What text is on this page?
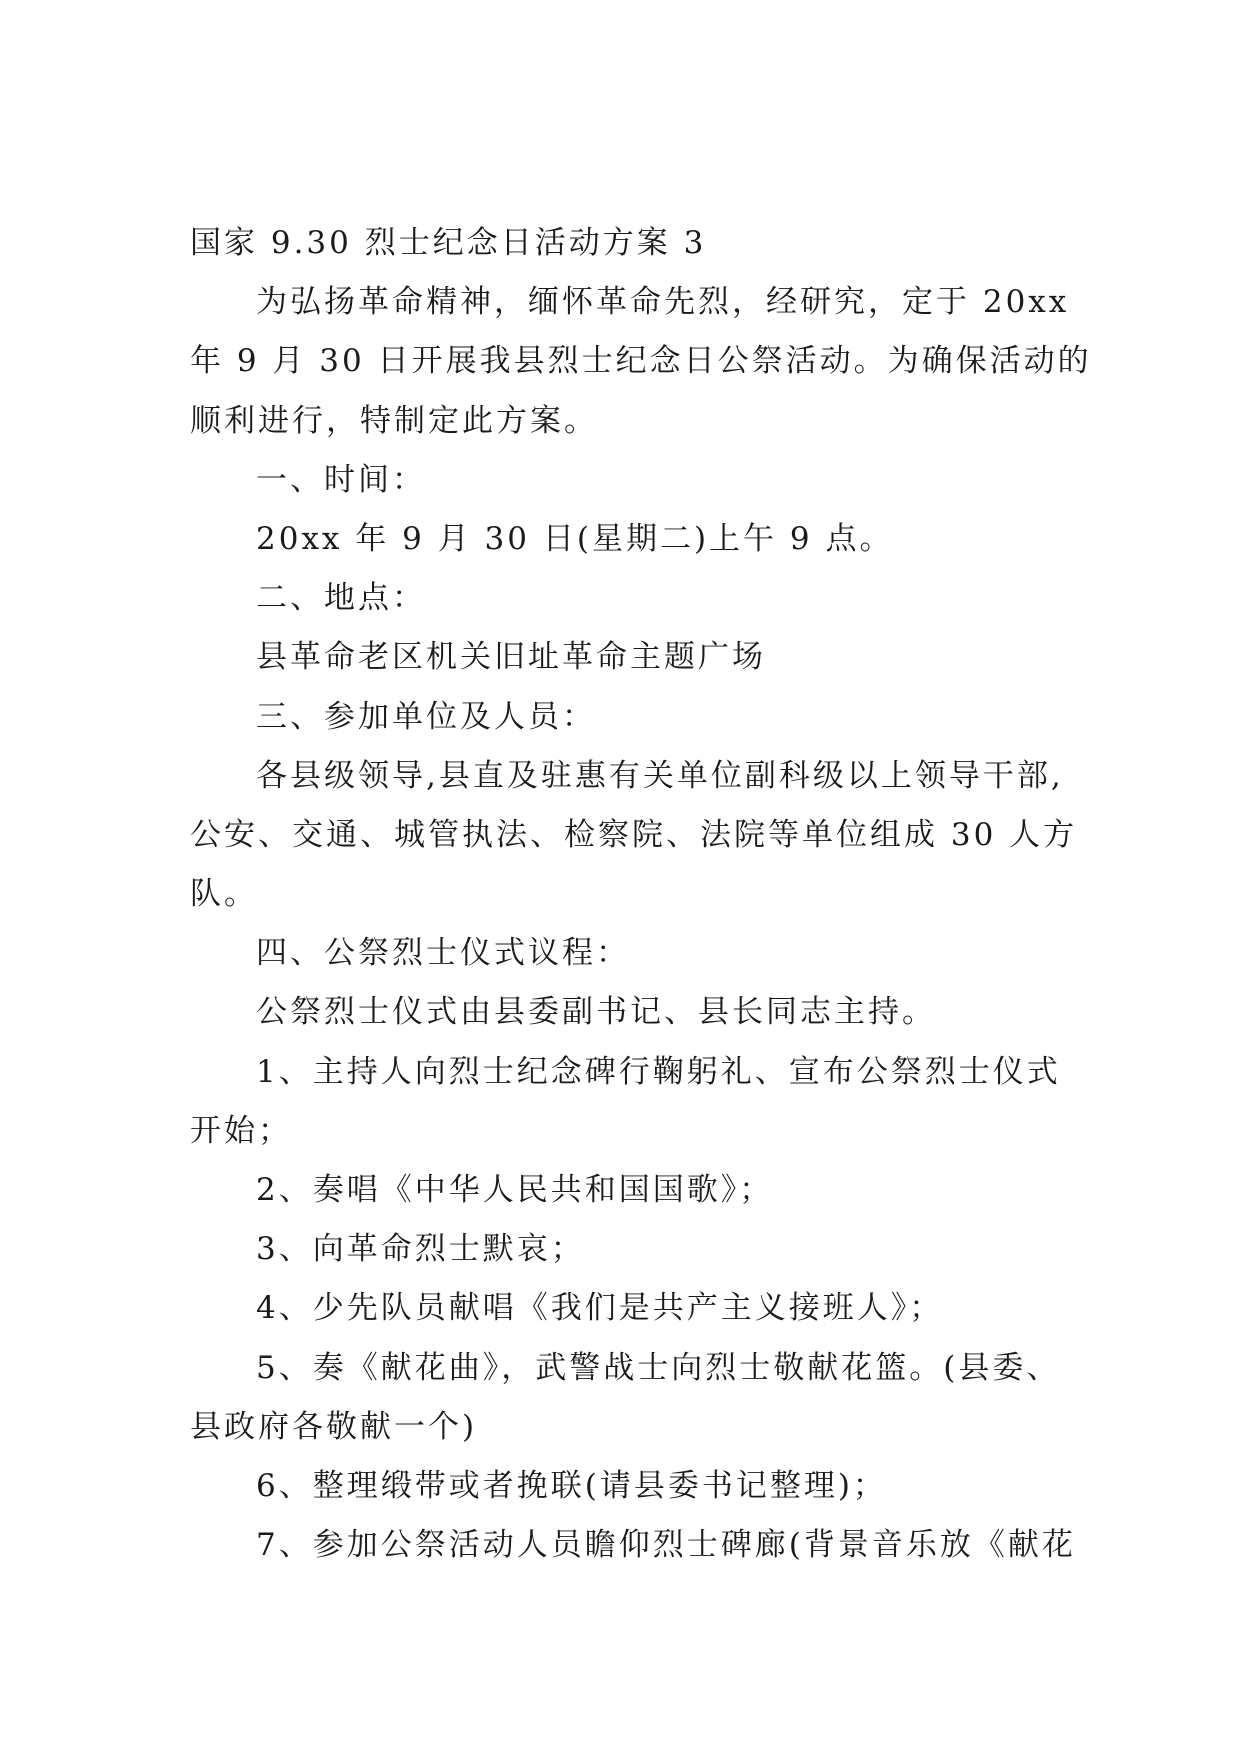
国家 9.30 烈士纪念日活动方案 3

为弘扬革命精神，缅怀革命先烈，经研究，定于 20xx

年 9 月 30 日开展我县烈士纪念日公祭活动。为确保活动的

顺利进行，特制定此方案。

一、时间：

20xx 年 9 月 30 日(星期二)上午 9 点。

二、地点：

县革命老区机关旧址革命主题广场

三、参加单位及人员：

各县级领导,县直及驻惠有关单位副科级以上领导干部,

公安、交通、城管执法、检察院、法院等单位组成 30 人方

队。

四、公祭烈士仪式议程：

公祭烈士仪式由县委副书记、县长同志主持。

1、主持人向烈士纪念碑行鞠躬礼、宣布公祭烈士仪式

开始；

2、奏唱《中华人民共和国国歌》；

3、向革命烈士默哀；

4、少先队员献唱《我们是共产主义接班人》；

5、奏《献花曲》，武警战士向烈士敬献花篮。(县委、

县政府各敬献一个)

6、整理缎带或者挽联(请县委书记整理)；

7、参加公祭活动人员瞻仰烈士碑廊(背景音乐放《献花
